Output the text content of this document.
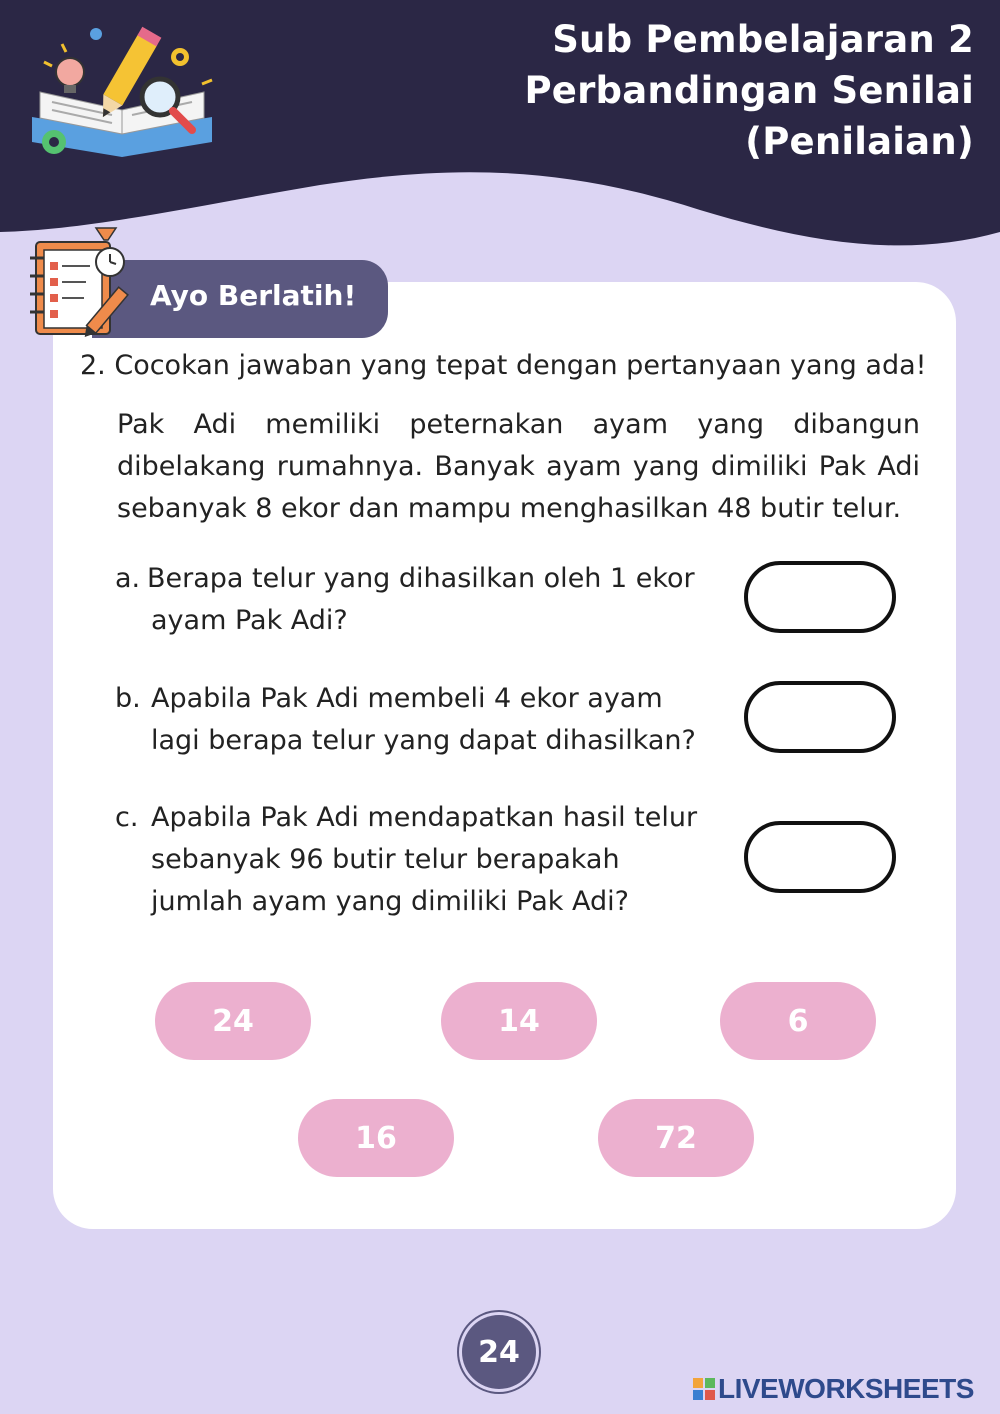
Sub Pembelajaran 2
Perbandingan Senilai
(Penilaian)
Ayo Berlatih!
2. Cocokan jawaban yang tepat dengan pertanyaan yang ada!
Pak Adi memiliki peternakan ayam yang dibangun dibelakang rumahnya. Banyak ayam yang dimiliki Pak Adi sebanyak 8 ekor dan mampu menghasilkan 48 butir telur.
a. Berapa telur yang dihasilkan oleh 1 ekor
ayam Pak Adi?
b. Apabila Pak Adi membeli 4 ekor ayam
lagi berapa telur yang dapat dihasilkan?
c. Apabila Pak Adi mendapatkan hasil telur
sebanyak 96 butir telur berapakah
jumlah ayam yang dimiliki Pak Adi?
24	14	6
16	72
24
LIVEWORKSHEETS
